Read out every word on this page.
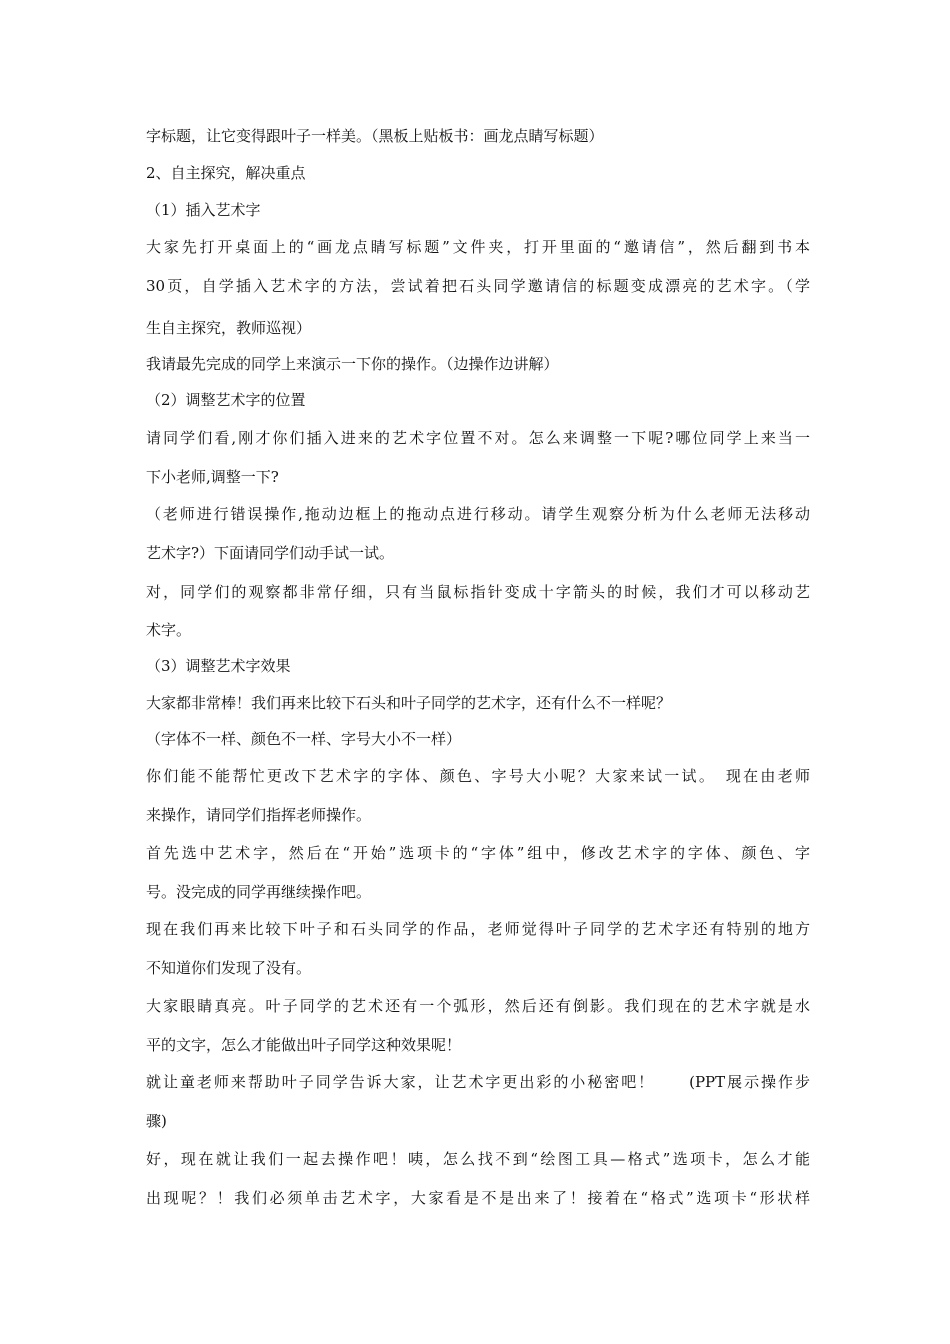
字标题，让它变得跟叶子一样美。（黑板上贴板书：画龙点睛写标题）
2、自主探究，解决重点
（1）插入艺术字
大家先打开桌面上的“画龙点睛写标题”文件夹，打开里面的“邀请信”，然后翻到书本
30页，自学插入艺术字的方法，尝试着把石头同学邀请信的标题变成漂亮的艺术字。（学
生自主探究，教师巡视）
我请最先完成的同学上来演示一下你的操作。（边操作边讲解）
（2）调整艺术字的位置
请同学们看,刚才你们插入进来的艺术字位置不对。怎么来调整一下呢?哪位同学上来当一
下小老师,调整一下?
（老师进行错误操作,拖动边框上的拖动点进行移动。请学生观察分析为什么老师无法移动
艺术字?）下面请同学们动手试一试。
对，同学们的观察都非常仔细，只有当鼠标指针变成十字箭头的时候，我们才可以移动艺
术字。
（3）调整艺术字效果
大家都非常棒！我们再来比较下石头和叶子同学的艺术字，还有什么不一样呢？
（字体不一样、颜色不一样、字号大小不一样）
你们能不能帮忙更改下艺术字的字体、颜色、字号大小呢？大家来试一试。　现在由老师
来操作，请同学们指挥老师操作。
首先选中艺术字，然后在“开始”选项卡的“字体”组中，修改艺术字的字体、颜色、字
号。没完成的同学再继续操作吧。
现在我们再来比较下叶子和石头同学的作品，老师觉得叶子同学的艺术字还有特别的地方
不知道你们发现了没有。
大家眼睛真亮。叶子同学的艺术还有一个弧形，然后还有倒影。我们现在的艺术字就是水
平的文字，怎么才能做出叶子同学这种效果呢！
就让童老师来帮助叶子同学告诉大家，让艺术字更出彩的小秘密吧！　　(PPT展示操作步
骤)
好，现在就让我们一起去操作吧！咦，怎么找不到“绘图工具—格式”选项卡，怎么才能
出现呢？！我们必须单击艺术字，大家看是不是出来了！接着在“格式”选项卡“形状样
